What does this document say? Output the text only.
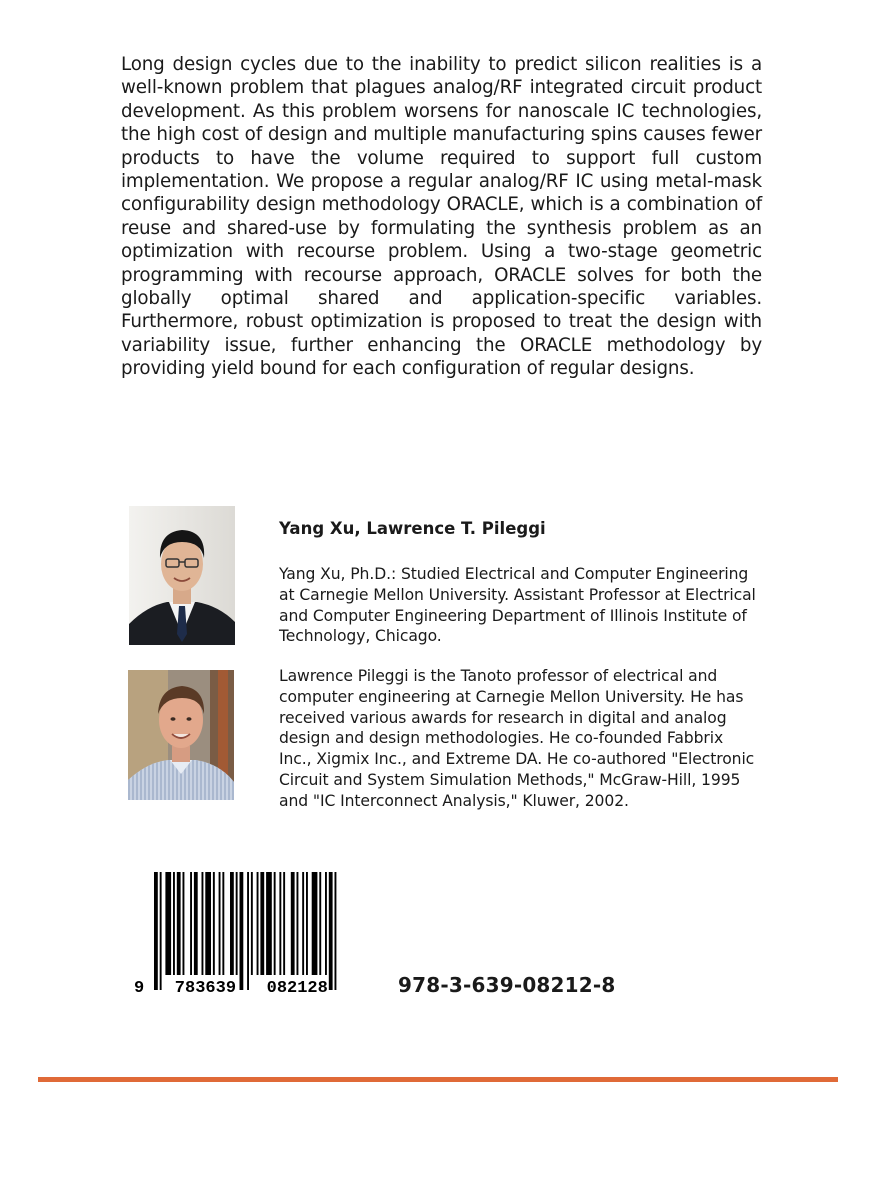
Long design cycles due to the inability to predict silicon realities is a well-known problem that plagues analog/RF integrated circuit product development. As this problem worsens for nanoscale IC technologies, the high cost of design and multiple manufacturing spins causes fewer products to have the volume required to support full custom implementation. We propose a regular analog/RF IC using metal-mask configurability design methodology ORACLE, which is a combination of reuse and shared-use by formulating the synthesis problem as an optimization with recourse problem. Using a two-stage geometric programming with recourse approach, ORACLE solves for both the globally optimal shared and application-specific variables. Furthermore, robust optimization is proposed to treat the design with variability issue, further enhancing the ORACLE methodology by providing yield bound for each configuration of regular designs.

Yang Xu, Lawrence T. Pileggi

Yang Xu, Ph.D.: Studied Electrical and Computer Engineering at Carnegie Mellon University. Assistant Professor at Electrical and Computer Engineering Department of Illinois Institute of Technology, Chicago.

Lawrence Pileggi is the Tanoto professor of electrical and computer engineering at Carnegie Mellon University. He has received various awards for research in digital and analog design and design methodologies. He co-founded Fabbrix Inc., Xigmix Inc., and Extreme DA. He co-authored "Electronic Circuit and System Simulation Methods," McGraw-Hill, 1995 and "IC Interconnect Analysis," Kluwer, 2002.

9   783639   082128	978-3-639-08212-8
